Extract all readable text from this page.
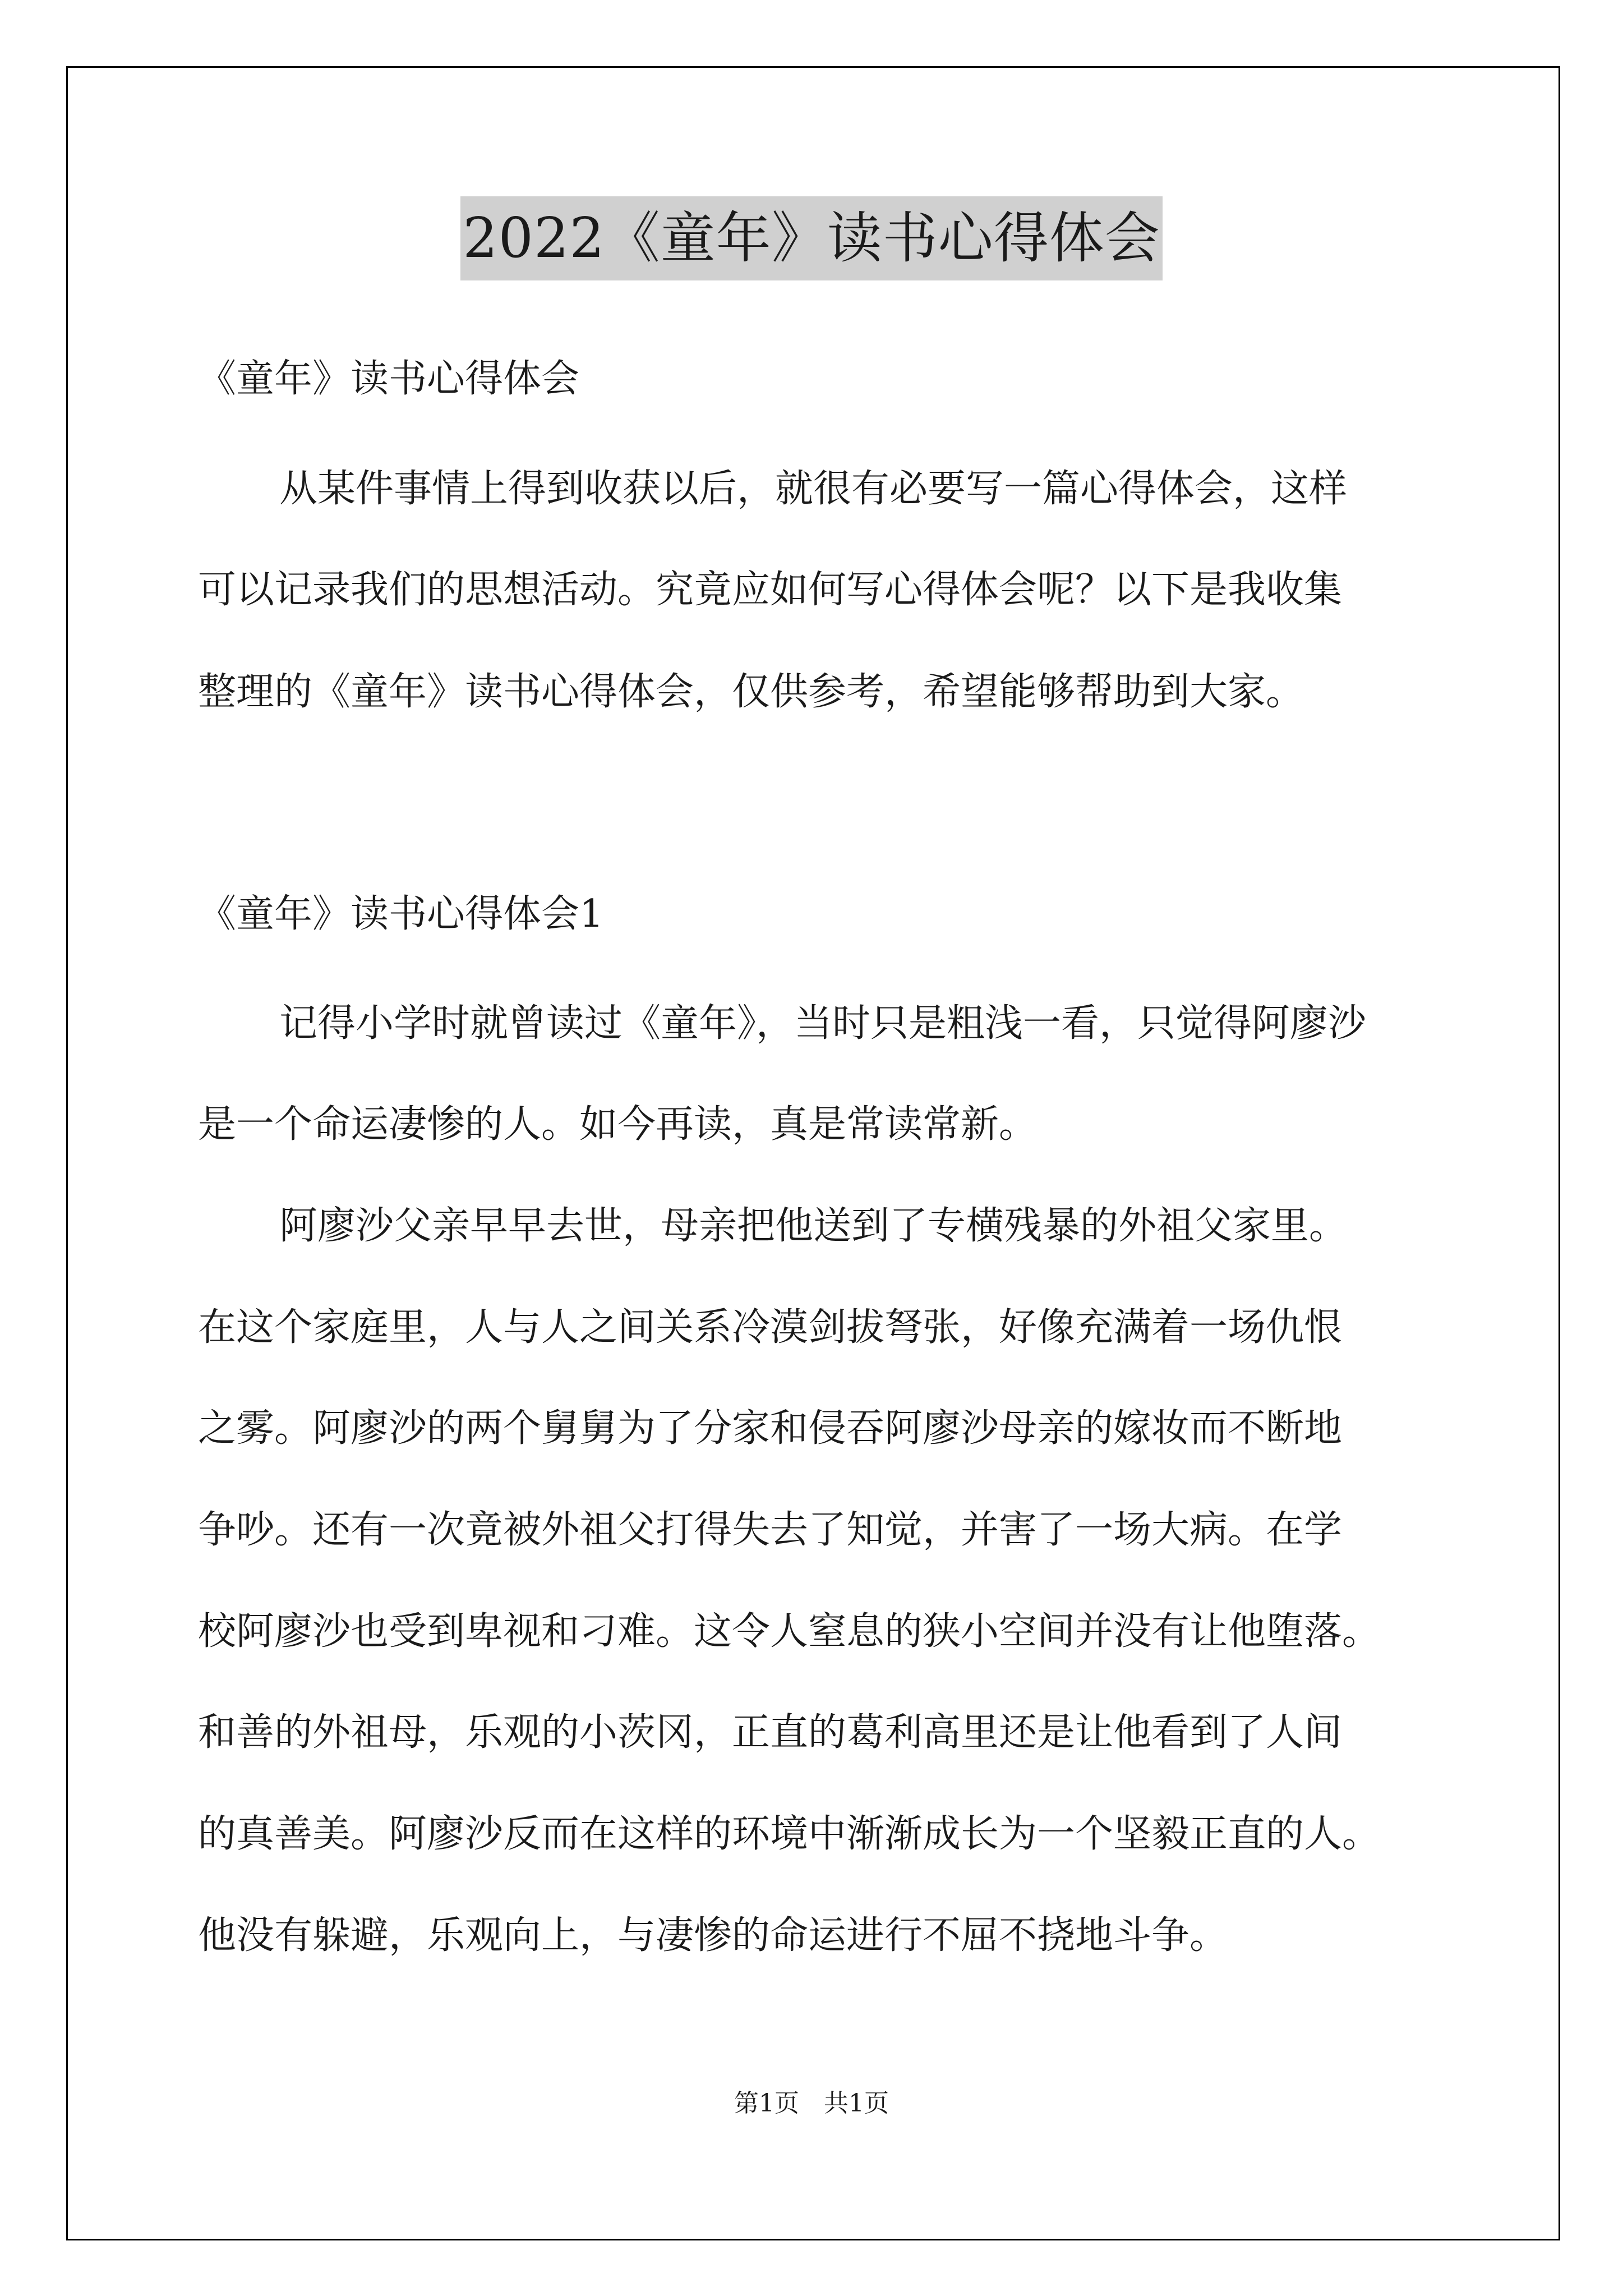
2022《童年》读书心得体会

《童年》读书心得体会

从某件事情上得到收获以后，就很有必要写一篇心得体会，这样

可以记录我们的思想活动。究竟应如何写心得体会呢？以下是我收集

整理的《童年》读书心得体会，仅供参考，希望能够帮助到大家。

《童年》读书心得体会1

记得小学时就曾读过《童年》，当时只是粗浅一看，只觉得阿廖沙

是一个命运凄惨的人。如今再读，真是常读常新。

阿廖沙父亲早早去世，母亲把他送到了专横残暴的外祖父家里。

在这个家庭里，人与人之间关系冷漠剑拔弩张，好像充满着一场仇恨

之雾。阿廖沙的两个舅舅为了分家和侵吞阿廖沙母亲的嫁妆而不断地

争吵。还有一次竟被外祖父打得失去了知觉，并害了一场大病。在学

校阿廖沙也受到卑视和刁难。这令人窒息的狭小空间并没有让他堕落。

和善的外祖母，乐观的小茨冈，正直的葛利高里还是让他看到了人间

的真善美。阿廖沙反而在这样的环境中渐渐成长为一个坚毅正直的人。

他没有躲避，乐观向上，与凄惨的命运进行不屈不挠地斗争。

第1页　共1页
